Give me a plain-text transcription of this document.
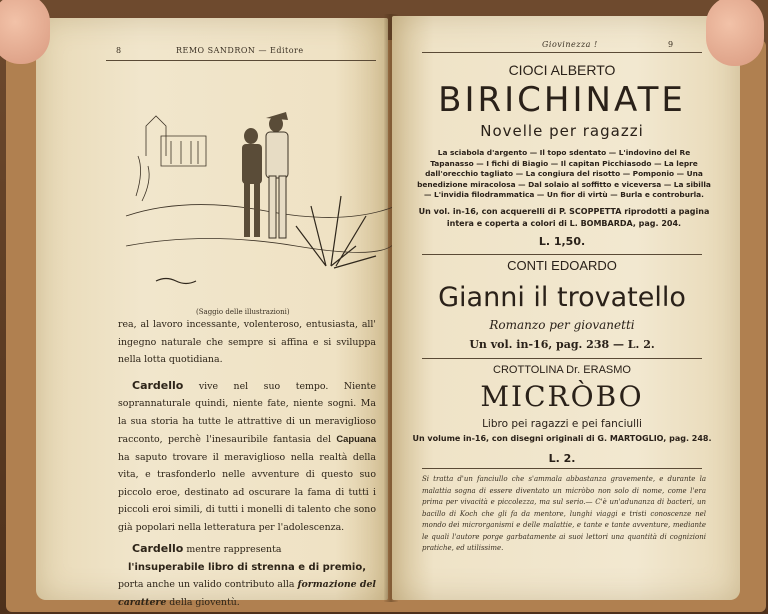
8	REMO SANDRON — Editore
(Saggio delle illustrazioni)

rea, al lavoro incessante, volenteroso, entusiasta, all' ingegno naturale che sempre si affina e si sviluppa nella lotta quotidiana.

Cardello vive nel suo tempo. Niente soprannaturale quindi, niente fate, niente sogni. Ma la sua storia ha tutte le attrattive di un meraviglioso racconto, perchè l'inesauribile fantasia del Capuana ha saputo trovare il meraviglioso nella realtà della vita, e trasfonderlo nelle avventure di questo suo piccolo eroe, destinato ad oscurare la fama di tutti i piccoli eroi simili, di tutti i monelli di talento che sono già popolari nella letteratura per l'adolescenza.

Cardello mentre rappresenta

l'insuperabile libro di strenna e di premio,

porta anche un valido contributo alla formazione del carattere della gioventù.

Giovinezza !	9
CIOCI ALBERTO
BIRICHINATE
Novelle per ragazzi
La sciabola d'argento — Il topo sdentato — L'indovino del Re Tapanasso — I fichi di Biagio — Il capitan Picchiasodo — La lepre dall'orecchio tagliato — La congiura del risotto — Pomponio — Una benedizione miracolosa — Dal solaio al soffitto e viceversa — La sibilla — L'invidia filodrammatica — Un fior di virtù — Burla e controburla.
Un vol. in-16, con acquerelli di P. SCOPPETTA riprodotti a pagina intera e coperta a colori di L. BOMBARDA, pag. 204.
L. 1,50.
CONTI EDOARDO
Gianni il trovatello
Romanzo per giovanetti
Un vol. in-16, pag. 238 — L. 2.
CROTTOLINA Dr. ERASMO
MICRÒBO
Libro pei ragazzi e pei fanciulli
Un volume in-16, con disegni originali di G. MARTOGLIO, pag. 248.
L. 2.
Si tratta d'un fanciullo che s'ammala abbastanza gravemente, e durante la malattia sogna di essere diventato un micròbo non solo di nome, come l'era prima per vivacità e piccolezza, ma sul serio.— C'è un'adunanza di bacteri, un bacillo di Koch che gli fa da mentore, lunghi viaggi e tristi conoscenze nel mondo dei microrganismi e delle malattie, e tante e tante avventure, mediante le quali l'autore porge garbatamente ai suoi lettori una quantità di cognizioni pratiche, ed utilissime.
